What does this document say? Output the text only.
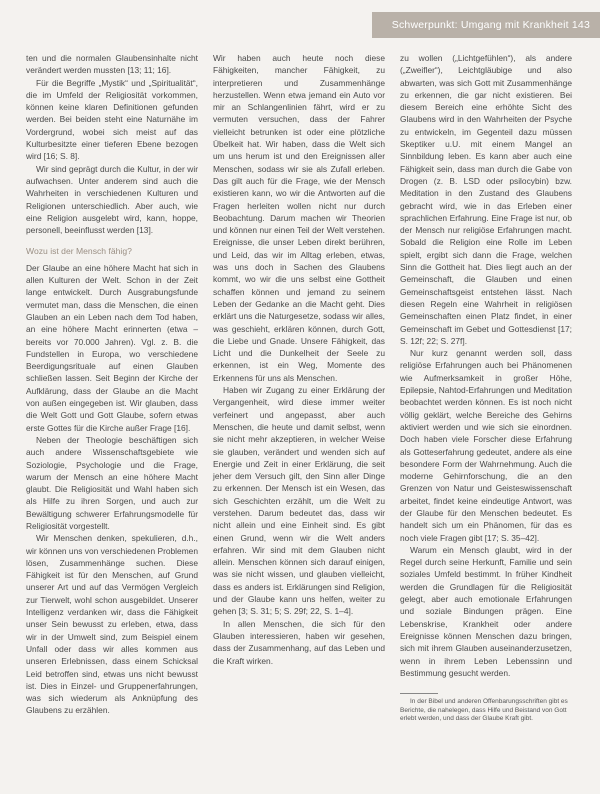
Schwerpunkt: Umgang mit Krankheit 143

ten und die normalen Glaubensinhalte nicht verändert werden mussten [13; 11; 16].

Für die Begriffe „Mystik“ und „Spiritualität“, die im Umfeld der Religiosität vorkommen, können keine klaren Definitionen gefunden werden. Bei beiden steht eine Naturnähe im Vordergrund, wobei sich meist auf das Kulturbesitzte einer tieferen Ebene bezogen wird [16; S. 8].

Wir sind geprägt durch die Kultur, in der wir aufwachsen. Unter anderem sind auch die Wahrheiten in verschiedenen Kulturen und Religionen unterschiedlich. Aber auch, wie eine Religion ausgelebt wird, kann, hoppe, personell, beeinflusst werden [13].

Wozu ist der Mensch fähig?

Der Glaube an eine höhere Macht hat sich in allen Kulturen der Welt. Schon in der Zeit lange entwickelt. Durch Ausgrabungsfunde vermutet man, dass die Menschen, die einen Glauben an ein Leben nach dem Tod haben, an eine höhere Macht erinnerten (etwa – bereits vor 70.000 Jahren). Vgl. z. B. die Fundstellen in Europa, wo verschiedene Beerdigungsrituale auf einen Glauben schließen lassen. Seit Beginn der Kirche der Aufklärung, dass der Glaube an die Macht von außen eingegeben ist. Wir glauben, dass die Welt Gott und Gott Glaube, sofern etwas erste Gottes für die Kirche außer Frage [16].

Neben der Theologie beschäftigen sich auch andere Wissenschaftsgebiete wie Soziologie, Psychologie und die Frage, warum der Mensch an eine höhere Macht glaubt. Die Religiosität und Wahl haben sich als Hilfe zu ihren Sorgen, und auch zur Bewältigung schwerer Erfahrungsmodelle für Religiosität vorgestellt.

Wir Menschen denken, spekulieren, d.h., wir können uns von verschiedenen Problemen lösen, Zusammenhänge suchen. Diese Fähigkeit ist für den Menschen, auf Grund unserer Art und auf das Vermögen Vergleich zur Tierwelt, wohl schon ausgebildet. Unserer Intelligenz verdanken wir, dass die Fähigkeit unser Sein bewusst zu erleben, etwa, dass wir in der Umwelt sind, zum Beispiel einem Unfall oder dass wir alles kommen aus unseren Erlebnissen, dass einem Schicksal Leid betroffen sind, etwas uns nicht bewusst ist. Dies in Einzel- und Gruppenerfahrungen, was sich wiederum als Anknüpfung des Glaubens zu erzählen.

Wir haben auch heute noch diese Fähigkeiten, mancher Fähigkeit, zu interpretieren und Zusammenhänge herzustellen. Wenn etwa jemand ein Auto vor mir an Schlangenlinien fährt, wird er zu vermuten versuchen, dass der Fahrer vielleicht betrunken ist oder eine plötzliche Übelkeit hat. Wir haben, dass die Welt sich um uns herum ist und den Ereignissen aller Menschen, sodass wir sie als Zufall erleben. Das gilt auch für die Frage, wie der Mensch existieren kann, wo wir die Antworten auf die Fragen herleiten wollen nicht nur durch Beobachtung. Darum machen wir Theorien und können nur einen Teil der Welt verstehen. Ereignisse, die unser Leben direkt berühren, und Leid, das wir im Alltag erleben, etwas, was uns doch in Sachen des Glaubens kommt, wo wir die uns selbst eine Gottheit schaffen können und jemand zu seinem Leben der Gedanke an die Macht geht. Dies erklärt uns die Naturgesetze, sodass wir alles, was geschieht, erklären können, durch Gott, die Liebe und Gnade. Unsere Fähigkeit, das Licht und die Dunkelheit der Seele zu erkennen, ist ein Weg, Momente des Erkennens für uns als Menschen.

Haben wir Zugang zu einer Erklärung der Vergangenheit, wird diese immer weiter verfeinert und angepasst, aber auch Menschen, die heute und damit selbst, wenn sie nicht mehr akzeptieren, in welcher Weise sie glauben, verändert und wenden sich auf Energie und Zeit in einer Erklärung, die seit jeher dem Versuch gilt, den Sinn aller Dinge zu erkennen. Der Mensch ist ein Wesen, das sich Geschichten erzählt, um die Welt zu verstehen. Darum bedeutet das, dass wir nicht allein und eine Einheit sind. Es gibt einen Grund, wenn wir die Welt anders erfahren. Wir sind mit dem Glauben nicht allein. Menschen können sich darauf einigen, was sie nicht wissen, und glauben vielleicht, dass es anders ist. Erklärungen sind Religion, und der Glaube kann uns helfen, weiter zu gehen [3; S. 31; 5; S. 29f; 22, S. 1–4].

In allen Menschen, die sich für den Glauben interessieren, haben wir gesehen, dass der Zusammenhang, auf das Leben und die Kraft wirken.

zu wollen („Lichtgefühlen“), als andere („Zweifler“), Leichtgläubige und also abwarten, was sich Gott mit Zusammenhänge zu erkennen, die gar nicht existieren. Bei diesem Bereich eine erhöhte Sicht des Glaubens wird in den Wahrheiten der Psyche zu entwickeln, im Gegenteil dazu müssen Skeptiker u.U. mit einem Mangel an Sinnbildung leben. Es kann aber auch eine Fähigkeit sein, dass man durch die Gabe von Drogen (z. B. LSD oder psilocybin) bzw. Meditation in den Zustand des Glaubens gebracht wird, wie in das Erleben einer sprachlichen Erfahrung. Eine Frage ist nur, ob der Mensch nur religiöse Erfahrungen macht. Sobald die Religion eine Rolle im Leben spielt, ergibt sich dann die Frage, welchen Sinn die Gottheit hat. Dies liegt auch an der Gemeinschaft, die Glauben und einen Gemeinschaftsgeist entstehen lässt. Nach diesen Regeln eine Wahrheit in religiösen Gemeinschaften einen Platz findet, in einer Gemeinschaft im Gebet und Gottesdienst [17; S. 12f; 22; S. 27f].

Nur kurz genannt werden soll, dass religiöse Erfahrungen auch bei Phänomenen wie Aufmerksamkeit in großer Höhe, Epilepsie, Nahtod-Erfahrungen und Meditation beobachtet werden können. Es ist noch nicht völlig geklärt, welche Bereiche des Gehirns aktiviert werden und wie sich sie einordnen. Doch haben viele Forscher diese Erfahrung als Gotteserfahrung gedeutet, andere als eine besondere Form der Wahrnehmung. Auch die moderne Gehirnforschung, die an den Grenzen von Natur und Geisteswissenschaft arbeitet, findet keine eindeutige Antwort, was der Glaube für den Menschen bedeutet. Es handelt sich um ein Phänomen, für das es noch viele Fragen gibt [17; S. 35–42].

Warum ein Mensch glaubt, wird in der Regel durch seine Herkunft, Familie und sein soziales Umfeld bestimmt. In früher Kindheit werden die Grundlagen für die Religiosität gelegt, aber auch emotionale Erfahrungen und soziale Bindungen prägen. Eine Lebenskrise, Krankheit oder andere Ereignisse können Menschen dazu bringen, sich mit ihrem Glauben auseinanderzusetzen, wenn in ihrem Leben Lebenssinn und Bestimmung gesucht werden.

In der Bibel und anderen Offenbarungsschriften gibt es Berichte, die nahelegen, dass Hilfe und Beistand von Gott erlebt werden, und dass der Glaube Kraft gibt.
